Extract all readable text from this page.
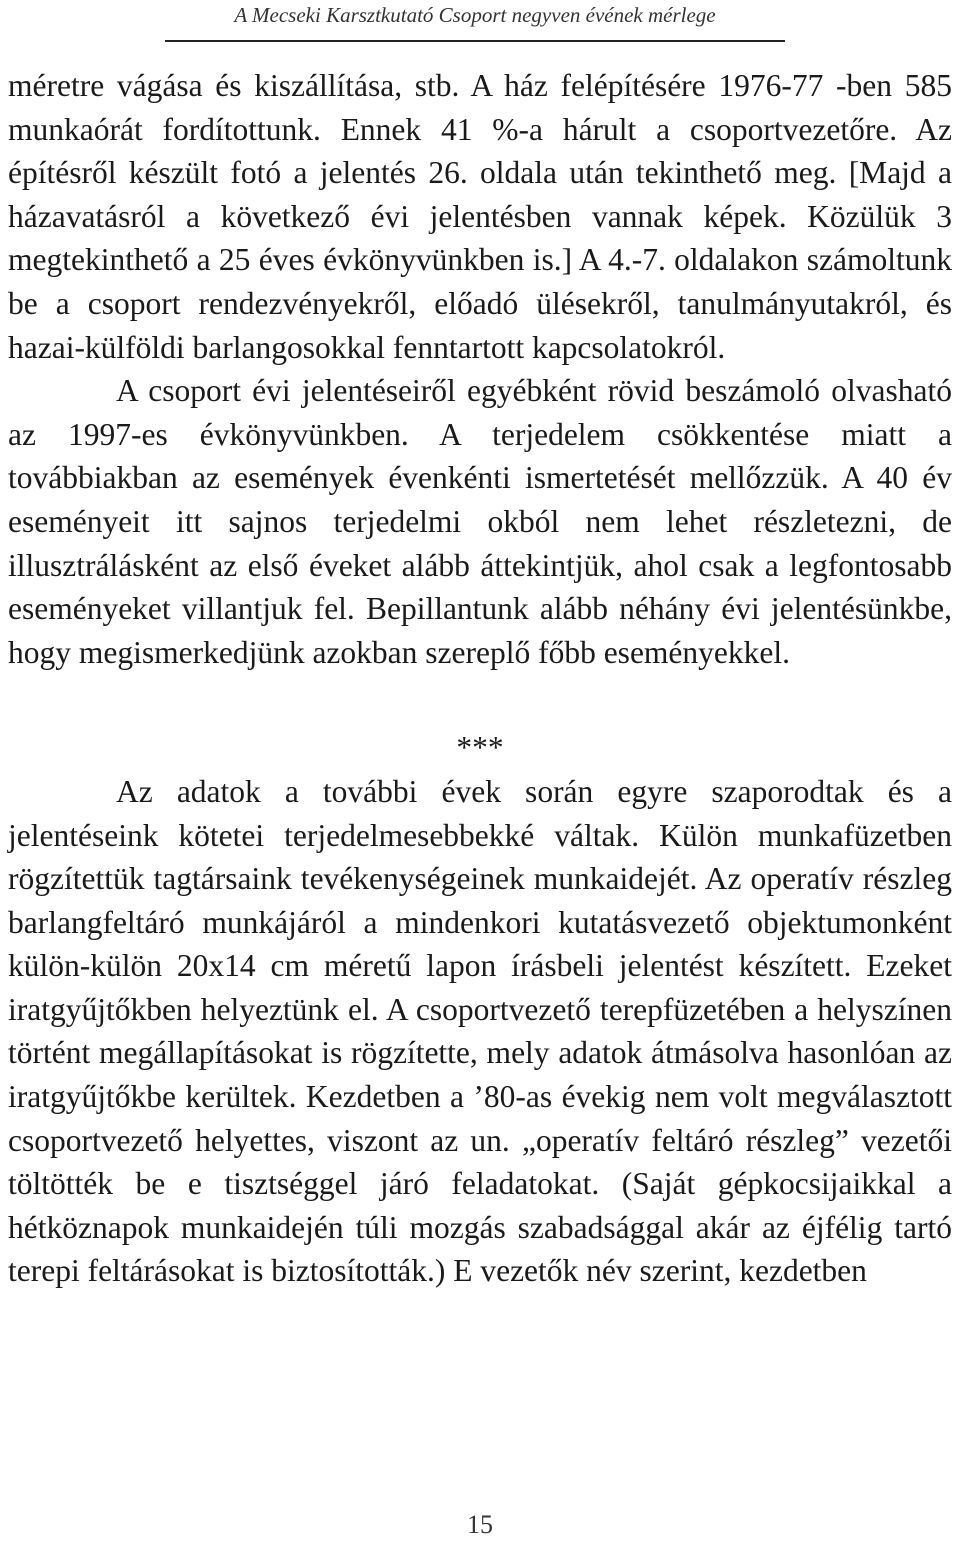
A Mecseki Karsztkutató Csoport negyven évének mérlege

méretre vágása és kiszállítása, stb. A ház felépítésére 1976-77 -ben 585 munkaórát fordítottunk. Ennek 41 %-a hárult a csoportvezetőre. Az építésről készült fotó a jelentés 26. oldala után tekinthető meg. [Majd a házavatásról a következő évi jelentésben vannak képek. Közülük 3 megtekinthető a 25 éves évkönyvünkben is.] A 4.-7. oldalakon számoltunk be a csoport rendezvényekről, előadó ülésekről, tanulmányutakról, és hazai-külföldi barlangosokkal fenntartott kapcsolatokról.

A csoport évi jelentéseiről egyébként rövid beszámoló olvasható az 1997-es évkönyvünkben. A terjedelem csökkentése miatt a továbbiakban az események évenkénti ismertetését mellőzzük. A 40 év eseményeit itt sajnos terjedelmi okból nem lehet részletezni, de illusztrálásként az első éveket alább áttekintjük, ahol csak a legfontosabb eseményeket villantjuk fel. Bepillantunk alább néhány évi jelentésünkbe, hogy megismerkedjünk azokban szereplő főbb eseményekkel.

***

Az adatok a további évek során egyre szaporodtak és a jelentéseink kötetei terjedelmesebbekké váltak. Külön munkafüzetben rögzítettük tagtársaink tevékenységeinek munkaidejét. Az operatív részleg barlangfeltáró munkájáról a mindenkori kutatásvezető objektumonként külön-külön 20x14 cm méretű lapon írásbeli jelentést készített. Ezeket iratgyűjtőkben helyeztünk el. A csoportvezető terepfüzetében a helyszínen történt megállapításokat is rögzítette, mely adatok átmásolva hasonlóan az iratgyűjtőkbe kerültek. Kezdetben a ’80-as évekig nem volt megválasztott csoportvezető helyettes, viszont az un. „operatív feltáró részleg” vezetői töltötték be e tisztséggel járó feladatokat. (Saját gépkocsijaikkal a hétköznapok munkaidején túli mozgás szabadsággal akár az éjfélig tartó terepi feltárásokat is biztosították.) E vezetők név szerint, kezdetben

15
